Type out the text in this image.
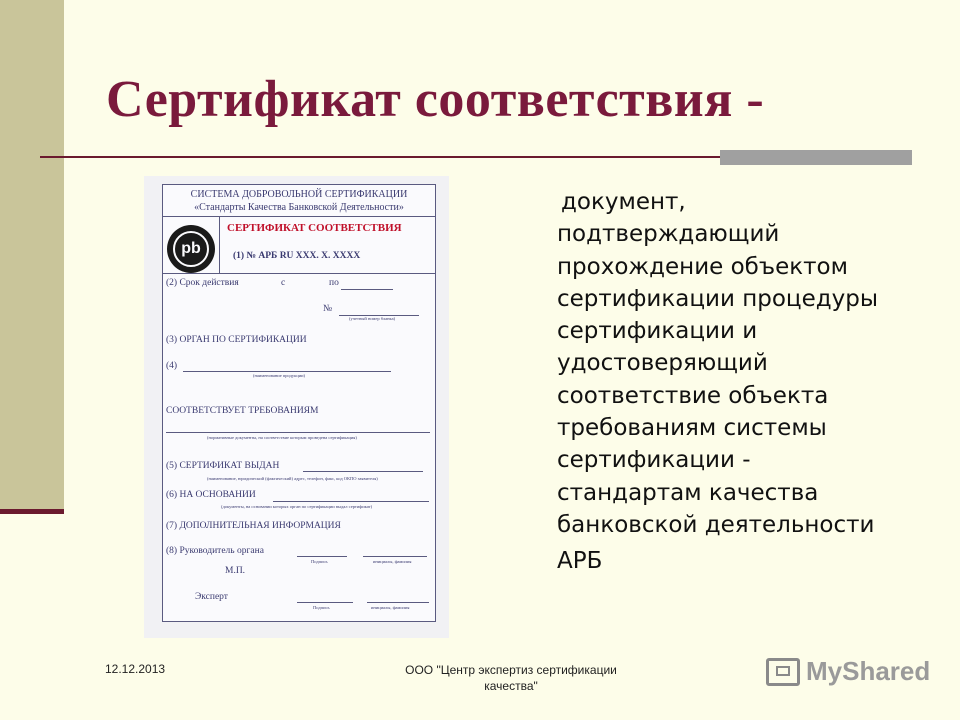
Сертификат соответствия -
СИСТЕМА ДОБРОВОЛЬНОЙ СЕРТИФИКАЦИИ
«Стандарты Качества Банковской Деятельности»
pb
СЕРТИФИКАТ СООТВЕТСТВИЯ
(1) № АРБ RU XXX. X. XXXX
(2) Срок действия	с	по
№
(учетный номер бланка)
(3) ОРГАН ПО СЕРТИФИКАЦИИ
(4)
(наименование продукции)
СООТВЕТСТВУЕТ ТРЕБОВАНИЯМ
(нормативные документы, на соответствие которым проведена сертификация)
(5) СЕРТИФИКАТ ВЫДАН
(наименование, юридический (фактический) адрес, телефон, факс, код ОКПО заявителя)
(6) НА ОСНОВАНИИ
(документы, на основании которых орган по сертификации выдал сертификат)
(7) ДОПОЛНИТЕЛЬНАЯ ИНФОРМАЦИЯ
(8) Руководитель органа
Подпись	инициалы, фамилия
М.П.
Эксперт
Подпись	инициалы, фамилия
документ,
подтверждающий
прохождение объектом
сертификации процедуры
сертификации и
удостоверяющий
соответствие объекта
требованиям системы
сертификации -
стандартам качества
банковской деятельности
АРБ
12.12.2013	ООО "Центр экспертиз сертификации качества"	MyShared
